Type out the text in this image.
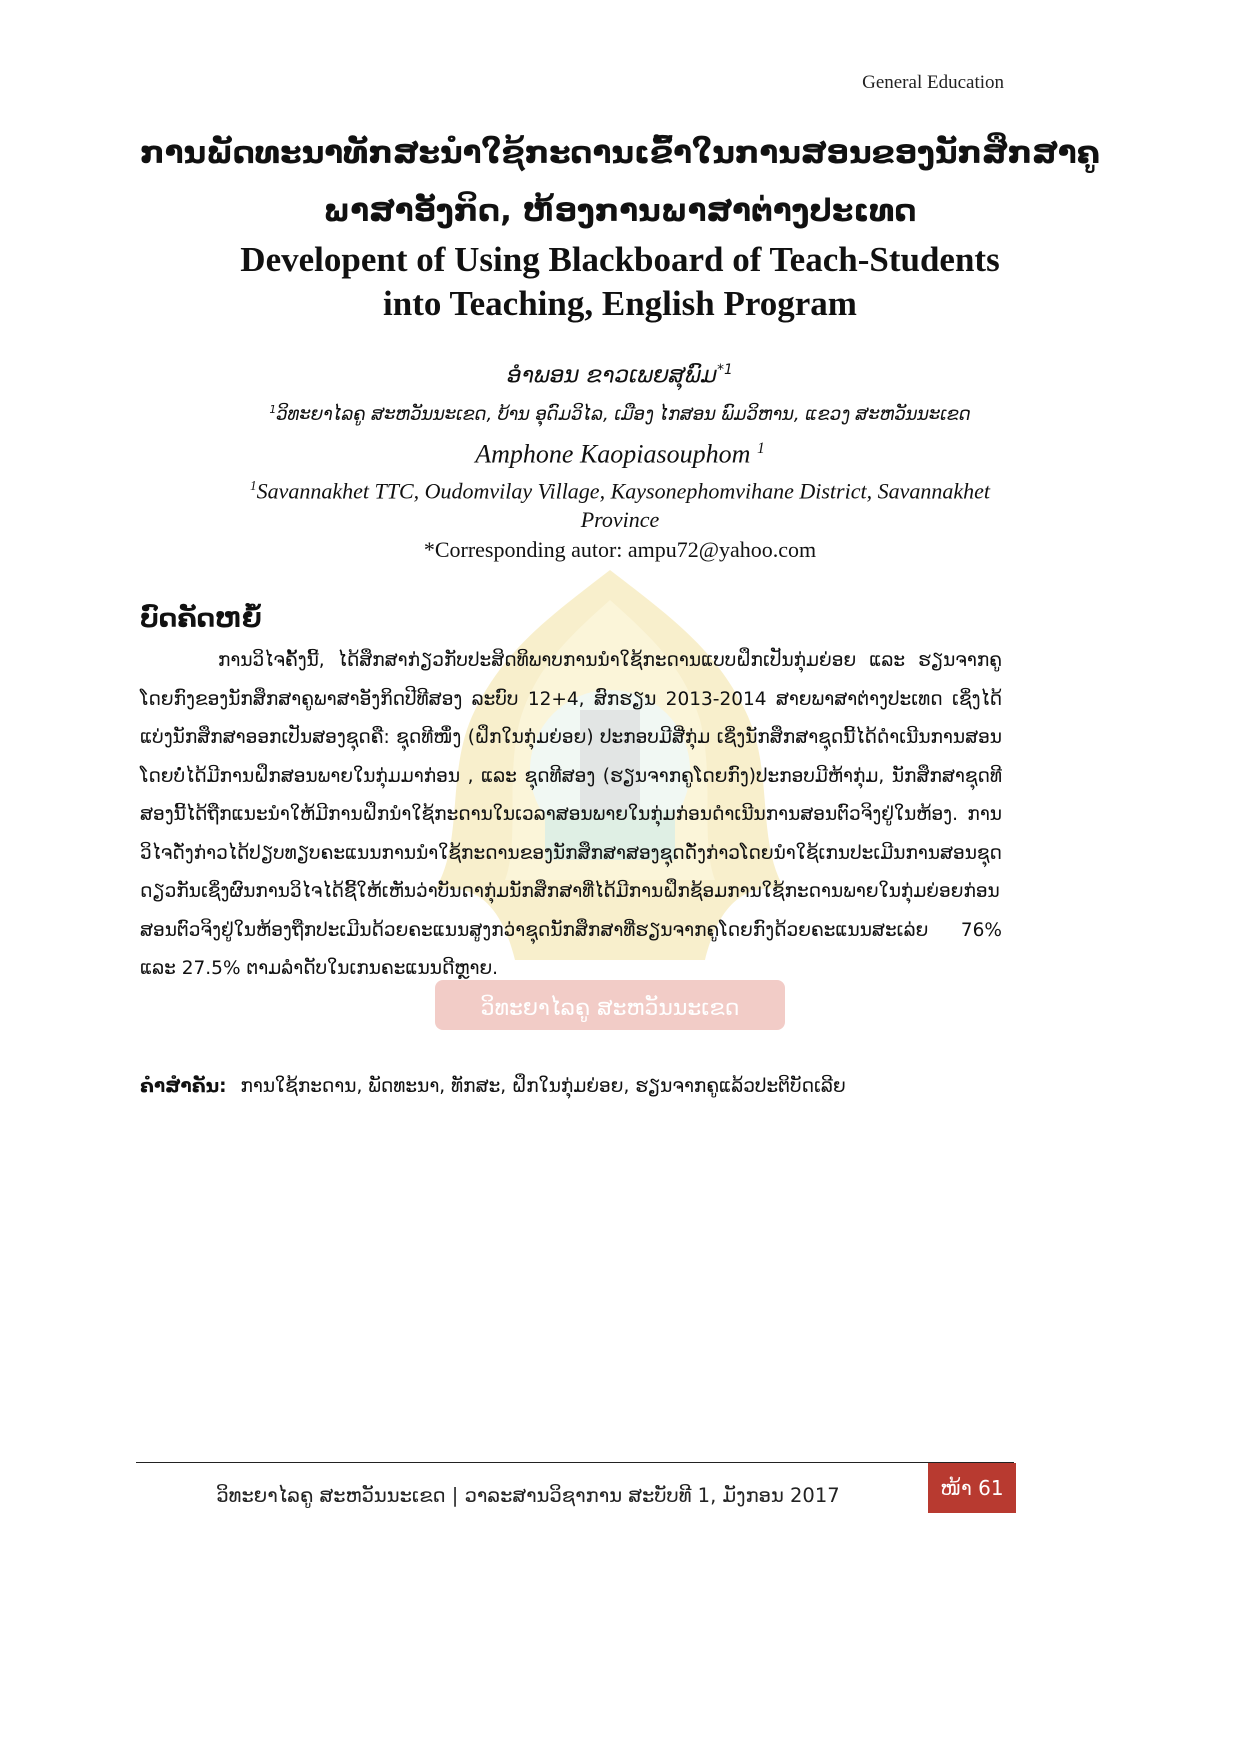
General Education
ການພັດທະນາທັກສະນຳໃຊ້ກະດານເຂົ້າໃນການສອນຂອງນັກສຶກສາຄູ
ພາສາອັງກິດ, ຫ້ອງການພາສາຕ່າງປະເທດ
Developent of Using Blackboard of Teach-Students
into Teaching, English Program
ອຳພອນ ຂາວເພຍສຸພົມ$^{*1}$
$^1$ວິທະຍາໄລຄູ ສະຫວັນນະເຂດ, ບ້ານ ອຸດົມວິໄລ, ເມືອງ ໄກສອນ ພົມວິຫານ, ແຂວງ ສະຫວັນນະເຂດ
Amphone Kaopiasouphom $^1$
$^1$Savannakhet TTC, Oudomvilay Village, Kaysonephomvihane District, Savannakhet
Province
*Corresponding autor: ampu72@yahoo.com
ວິທະຍາໄລຄູ ສະຫວັນນະເຂດ
ບົດຄັດຫຍໍ້

ການວິໄຈຄັ້ງນີ້, ໄດ້ສຶກສາກ່ຽວກັບປະສິດທິພາບການນຳໃຊ້ກະດານແບບຝຶກເປັນກຸ່ມຍ່ອຍ ແລະ ຮຽນຈາກຄູໂດຍກົງຂອງນັກສຶກສາຄູພາສາອັງກິດປີທີສອງ ລະບົບ 12+4, ສົກຮຽນ 2013-2014 ສາຍພາສາຕ່າງປະເທດ ເຊິ່ງໄດ້ແບ່ງນັກສຶກສາອອກເປັນສອງຊຸດຄື: ຊຸດທີໜຶ່ງ (ຝຶກໃນກຸ່ມຍ່ອຍ) ປະກອບມີສີ່ກຸ່ມ ເຊິ່ງນັກສຶກສາຊຸດນີ້ໄດ້ດຳເນີນການສອນໂດຍບໍ່ໄດ້ມີການຝຶກສອນພາຍໃນກຸ່ມມາກ່ອນ , ແລະ ຊຸດທີສອງ (ຮຽນຈາກຄູໂດຍກົງ)ປະກອບມີຫ້າກຸ່ມ, ນັກສຶກສາຊຸດທີສອງນີ້ໄດ້ຖືກແນະນຳໃຫ້ມີການຝຶກນຳໃຊ້ກະດານໃນເວລາສອນພາຍໃນກຸ່ມກ່ອນດຳເນີນການສອນຕົວຈິງຢູ່ໃນຫ້ອງ. ການວິໄຈດັ່ງກ່າວໄດ້ປຽບທຽບຄະແນນການນຳໃຊ້ກະດານຂອງນັກສຶກສາສອງຊຸດດັ່ງກ່າວໂດຍນຳໃຊ້ເກນປະເມີນການສອນຊຸດດຽວກັນເຊິ່ງຜົນການວິໄຈໄດ້ຊີ້ໃຫ້ເຫັນວ່າບັນດາກຸ່ມນັກສຶກສາທີ່ໄດ້ມີການຝຶກຊ້ອມການໃຊ້ກະດານພາຍໃນກຸ່ມຍ່ອຍກ່ອນສອນຕົວຈິງຢູ່ໃນຫ້ອງຖືກປະເມີນດ້ວຍຄະແນນສູງກວ່າຊຸດນັກສຶກສາທີ່ຮຽນຈາກຄູໂດຍກົງດ້ວຍຄະແນນສະເລ່ຍ 76% ແລະ 27.5% ຕາມລຳດັບໃນເກນຄະແນນດີຫຼາຍ.

ຄຳສຳຄັນ: ການໃຊ້ກະດານ, ພັດທະນາ, ທັກສະ, ຝຶກໃນກຸ່ມຍ່ອຍ, ຮຽນຈາກຄູແລ້ວປະຕິບັດເລີຍ
ວິທະຍາໄລຄູ ສະຫວັນນະເຂດ | ວາລະສານວິຊາການ ສະບັບທີ 1, ມັງກອນ 2017	ໜ້າ 61
